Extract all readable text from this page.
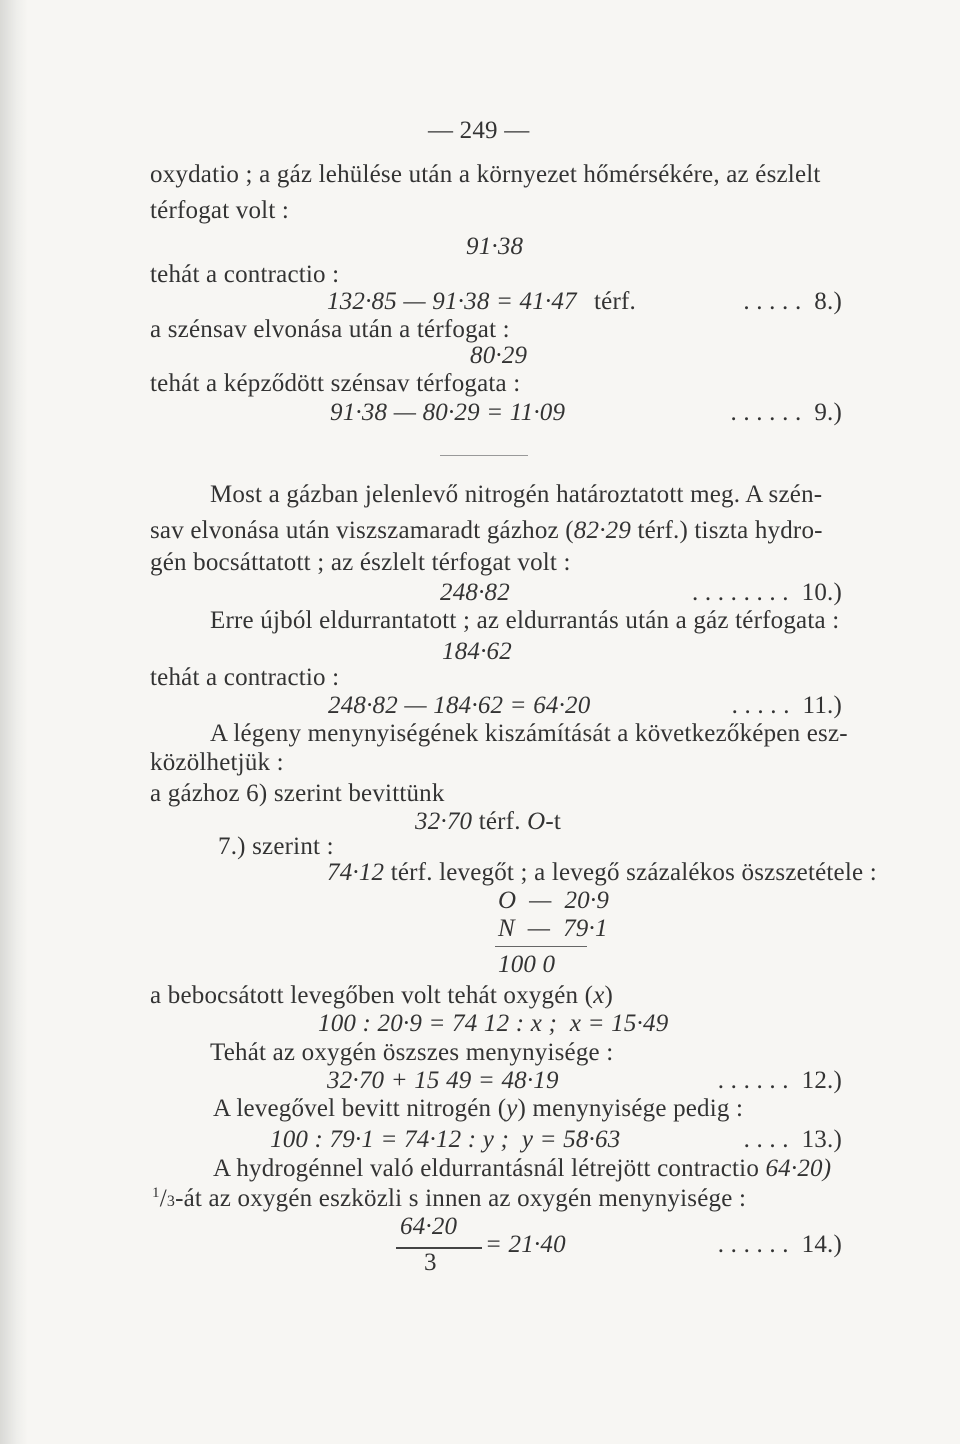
— 249 —
oxydatio ; a gáz lehülése után a környezet hőmérsékére, az észlelt
térfogat volt :
91·38
tehát a contractio :
132·85 — 91·38 = 41·47 térf.	. . . . .  8.)
a szénsav elvonása után a térfogat :
80·29
tehát a képződött szénsav térfogata :
91·38 — 80·29 = 11·09	. . . . . .  9.)
Most a gázban jelenlevő nitrogén határoztatott meg. A szén-
sav elvonása után viszszamaradt gázhoz (82·29 térf.) tiszta hydro-
gén bocsáttatott ; az észlelt térfogat volt :
248·82	. . . . . . . .  10.)
Erre újból eldurrantatott ; az eldurrantás után a gáz térfogata :
184·62
tehát a contractio :
248·82 — 184·62 = 64·20	. . . . .  11.)
A légeny menynyiségének kiszámítását a következőképen esz-
közölhetjük :
a gázhoz 6) szerint bevittünk
32·70 térf. O-t
7.) szerint :
74·12 térf. levegőt ; a levegő százalékos öszszetétele :
O  —  20·9
N  —  79·1
100 0
a bebocsátott levegőben volt tehát oxygén (x)
100 : 20·9 = 74 12 : x ;  x = 15·49
Tehát az oxygén öszszes menynyisége :
32·70 + 15 49 = 48·19	. . . . . .  12.)
A levegővel bevitt nitrogén (y) menynyisége pedig :
100 : 79·1 = 74·12 : y ;  y = 58·63	. . . .  13.)
A hydrogénnel való eldurrantásnál létrejött contractio 64·20)
$^1$/3-át az oxygén eszközli s innen az oxygén menynyisége :
64·20
3
= 21·40	. . . . . .  14.)
